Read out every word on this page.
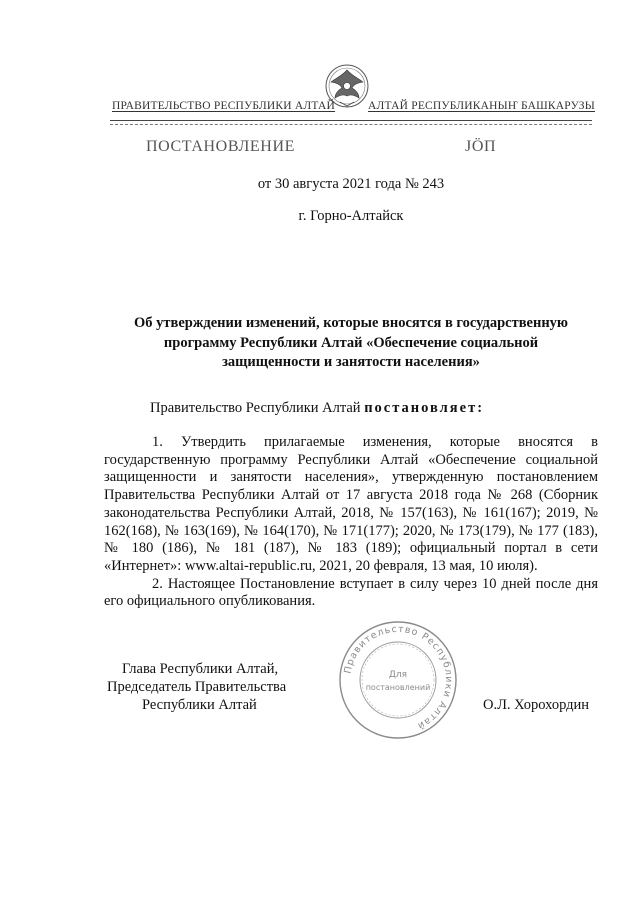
ПРАВИТЕЛЬСТВО РЕСПУБЛИКИ АЛТАЙ	АЛТАЙ РЕСПУБЛИКАНЫҤ БАШКАРУЗЫ
ПОСТАНОВЛЕНИЕ	JÖП
от 30 августа 2021 года № 243
г. Горно-Алтайск
Об утверждении изменений, которые вносятся в государственную
программу Республики Алтай «Обеспечение социальной
защищенности и занятости населения»
Правительство Республики Алтай постановляет:

1. Утвердить прилагаемые изменения, которые вносятся в государственную программу Республики Алтай «Обеспечение социальной защищенности и занятости населения», утвержденную постановлением Правительства Республики Алтай от 17 августа 2018 года № 268 (Сборник законодательства Республики Алтай, 2018, № 157(163), № 161(167); 2019, № 162(168), № 163(169), № 164(170), № 171(177); 2020, № 173(179), № 177 (183), № 180 (186), № 181 (187), № 183 (189); официальный портал в сети «Интернет»: www.altai-republic.ru, 2021, 20 февраля, 13 мая, 10 июля).

2. Настоящее Постановление вступает в силу через 10 дней после дня его официального опубликования.

Правительство Республики Алтай
Для
постановлений
Глава Республики Алтай,
Председатель Правительства
Республики Алтай	О.Л. Хорохордин
